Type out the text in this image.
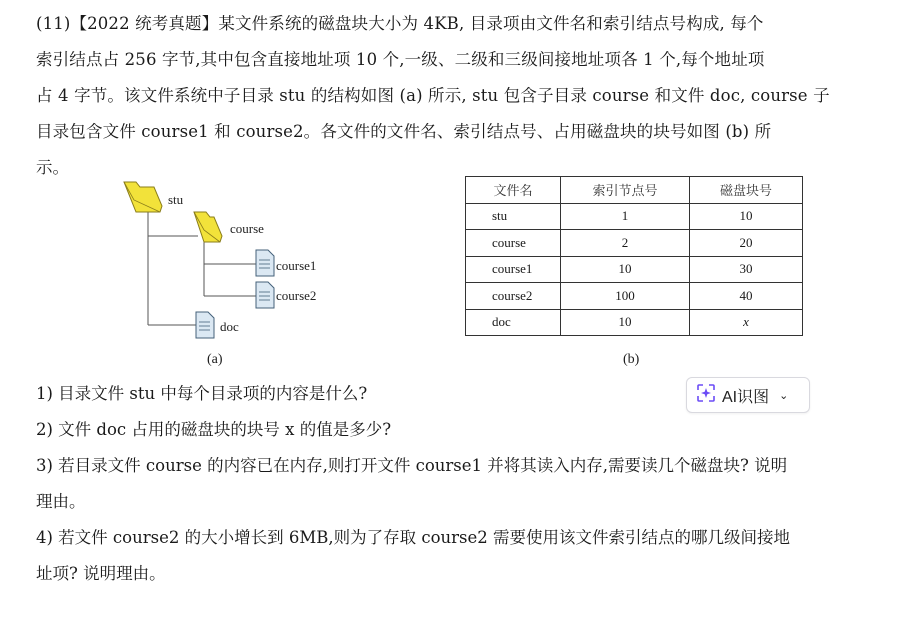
(11)【2022 统考真题】某文件系统的磁盘块大小为 4KB, 目录项由文件名和索引结点号构成, 每个

索引结点占 256 字节,其中包含直接地址项 10 个,一级、二级和三级间接地址项各 1 个,每个地址项

占 4 字节。该文件系统中子目录 stu 的结构如图 (a) 所示, stu 包含子目录 course 和文件 doc, course 子

目录包含文件 course1 和 course2。各文件的文件名、索引结点号、占用磁盘块的块号如图 (b) 所

示。

stu
course
course1
course2
doc
(a)
文件名	索引节点号	磁盘块号
stu	1	10
course	2	20
course1	10	30
course2	100	40
doc	10	x
(b)

1) 目录文件 stu 中每个目录项的内容是什么?

2) 文件 doc 占用的磁盘块的块号 x 的值是多少?

3) 若目录文件 course 的内容已在内存,则打开文件 course1 并将其读入内存,需要读几个磁盘块? 说明

理由。

4) 若文件 course2 的大小增长到 6MB,则为了存取 course2 需要使用该文件索引结点的哪几级间接地

址项? 说明理由。

AI识图 ⌄
